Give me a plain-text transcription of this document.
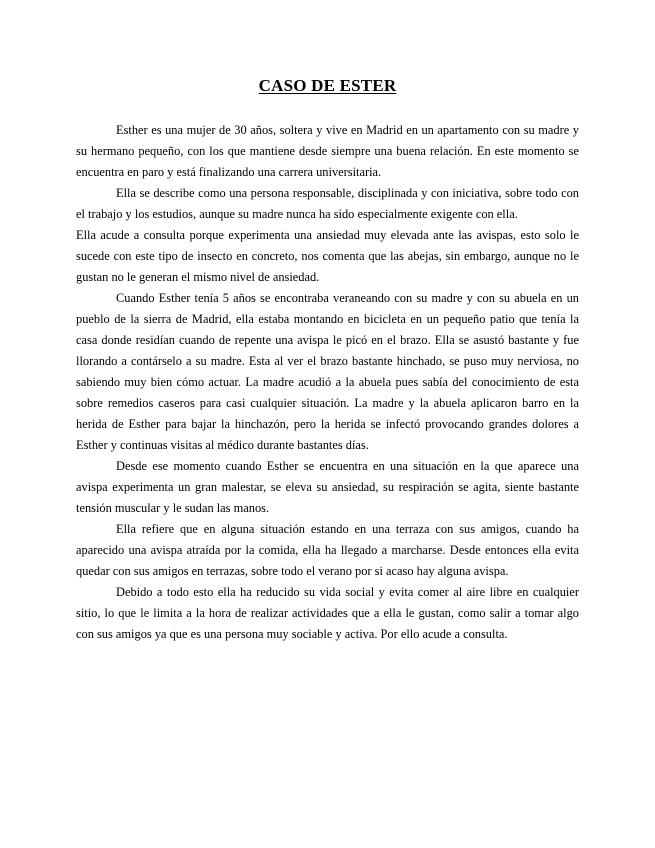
CASO DE ESTER

Esther es una mujer de 30 años, soltera y vive en Madrid en un apartamento con su madre y su hermano pequeño, con los que mantiene desde siempre una buena relación. En este momento se encuentra en paro y está finalizando una carrera universitaria.

Ella se describe como una persona responsable, disciplinada y con iniciativa, sobre todo con el trabajo y los estudios, aunque su madre nunca ha sido especialmente exigente con ella.

Ella acude a consulta porque experimenta una ansiedad muy elevada ante las avispas, esto solo le sucede con este tipo de insecto en concreto, nos comenta que las abejas, sin embargo, aunque no le gustan no le generan el mismo nivel de ansiedad.

Cuando Esther tenía 5 años se encontraba veraneando con su madre y con su abuela en un pueblo de la sierra de Madrid, ella estaba montando en bicicleta en un pequeño patio que tenía la casa donde residían cuando de repente una avispa le picó en el brazo. Ella se asustó bastante y fue llorando a contárselo a su madre. Esta al ver el brazo bastante hinchado, se puso muy nerviosa, no sabiendo muy bien cómo actuar. La madre acudió a la abuela pues sabía del conocimiento de esta sobre remedios caseros para casi cualquier situación. La madre y la abuela aplicaron barro en la herida de Esther para bajar la hinchazón, pero la herida se infectó provocando grandes dolores a Esther y continuas visitas al médico durante bastantes días.

Desde ese momento cuando Esther se encuentra en una situación en la que aparece una avispa experimenta un gran malestar, se eleva su ansiedad, su respiración se agita, siente bastante tensión muscular y le sudan las manos.

Ella refiere que en alguna situación estando en una terraza con sus amigos, cuando ha aparecido una avispa atraída por la comida, ella ha llegado a marcharse. Desde entonces ella evita quedar con sus amigos en terrazas, sobre todo el verano por si acaso hay alguna avispa.

Debido a todo esto ella ha reducido su vida social y evita comer al aire libre en cualquier sitio, lo que le limita a la hora de realizar actividades que a ella le gustan, como salir a tomar algo con sus amigos ya que es una persona muy sociable y activa. Por ello acude a consulta.
